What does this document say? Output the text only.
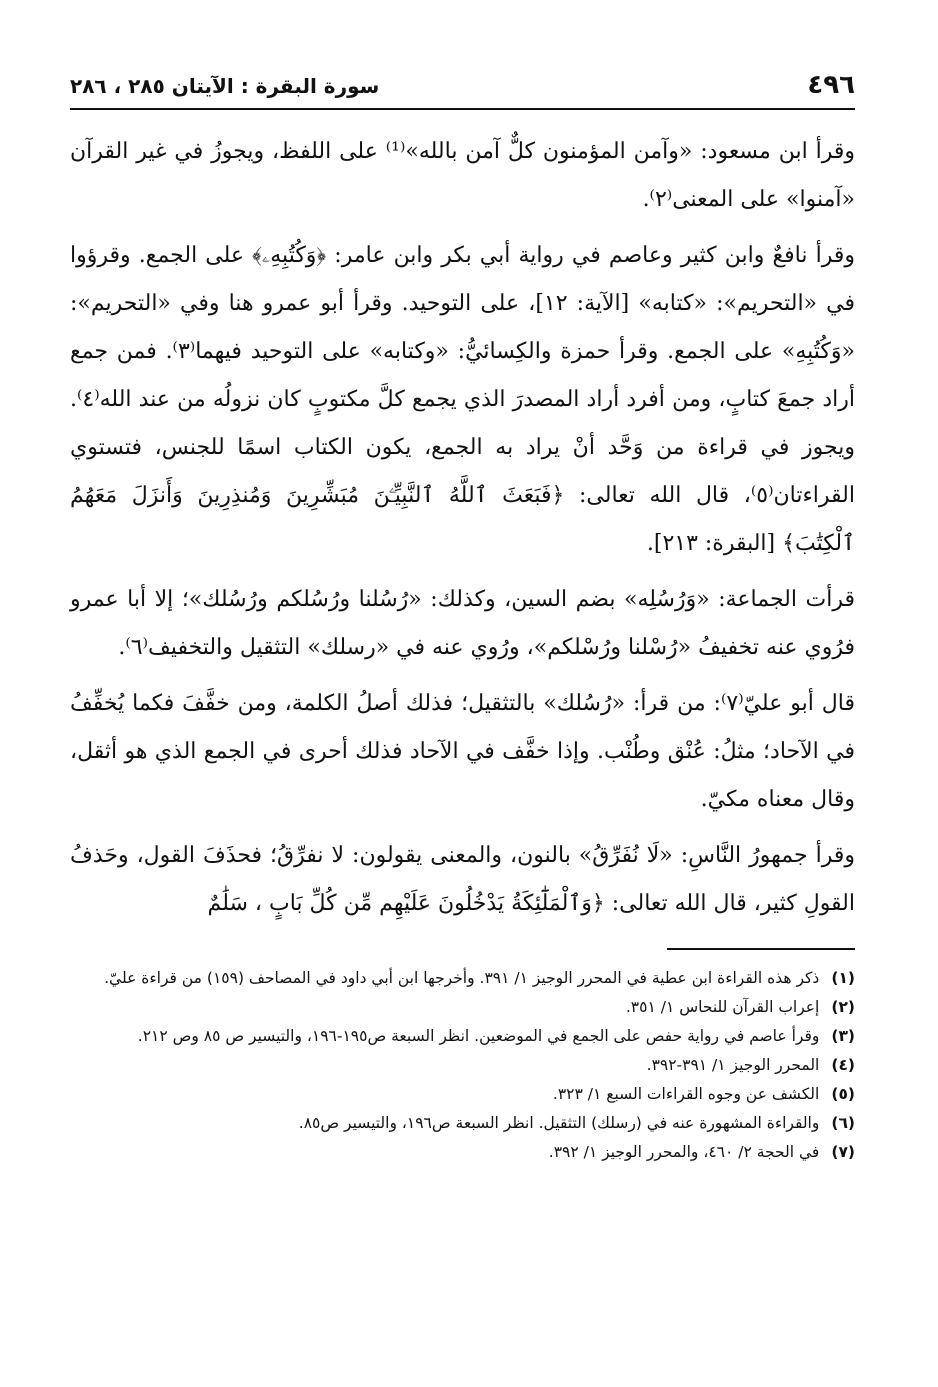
٤٩٦
سورة البقرة : الآيتان ٢٨٥ ، ٢٨٦

وقرأ ابن مسعود: «وآمن المؤمنون كلٌّ آمن بالله»⁽¹⁾ على اللفظ، ويجوزُ في غير القرآن «آمنوا» على المعنى⁽٢⁾.

وقرأ نافعٌ وابن كثير وعاصم في رواية أبي بكر وابن عامر: ﴿وَكُتُبِهِۦ﴾ على الجمع. وقرؤوا في «التحريم»: «كتابه» [الآية: ١٢]، على التوحيد. وقرأ أبو عمرو هنا وفي «التحريم»: «وَكُتُبِهِ» على الجمع. وقرأ حمزة والكِسائيُّ: «وكتابه» على التوحيد فيهما⁽٣⁾. فمن جمع أراد جمعَ كتابٍ، ومن أفرد أراد المصدرَ الذي يجمع كلَّ مكتوبٍ كان نزولُه من عند الله⁽٤⁾. ويجوز في قراءة من وَحَّد أنْ يراد به الجمع، يكون الكتاب اسمًا للجنس، فتستوي القراءتان⁽٥⁾، قال الله تعالى: ﴿فَبَعَثَ ٱللَّهُ ٱلنَّبِيِّـۧنَ مُبَشِّرِينَ وَمُنذِرِينَ وَأَنزَلَ مَعَهُمُ ٱلْكِتَٰبَ﴾ [البقرة: ٢١٣].

قرأت الجماعة: «وَرُسُلِه» بضم السين، وكذلك: «رُسُلنا ورُسُلكم ورُسُلك»؛ إلا أبا عمرو فرُوي عنه تخفيفُ «رُسْلنا ورُسْلكم»، ورُوي عنه في «رسلك» التثقيل والتخفيف⁽٦⁾.

قال أبو عليّ⁽٧⁾: من قرأ: «رُسُلك» بالتثقيل؛ فذلك أصلُ الكلمة، ومن خفَّفَ فكما يُخفِّفُ في الآحاد؛ مثلُ: عُنْق وطُنْب. وإذا خفَّف في الآحاد فذلك أحرى في الجمع الذي هو أثقل، وقال معناه مكيّ.

وقرأ جمهورُ النَّاسِ: «لَا نُفَرِّقُ» بالنون، والمعنى يقولون: لا نفرِّقُ؛ فحذَفَ القول، وحَذفُ القولِ كثير، قال الله تعالى: ﴿وَٱلْمَلَٰٓئِكَةُ يَدْخُلُونَ عَلَيْهِم مِّن كُلِّ بَابٍ ، سَلَٰمٌ

(١)
ذكر هذه القراءة ابن عطية في المحرر الوجيز ١/ ٣٩١. وأخرجها ابن أبي داود في المصاحف (١٥٩) من قراءة عليّ.

(٢)
إعراب القرآن للنحاس ١/ ٣٥١.

(٣)
وقرأ عاصم في رواية حفص على الجمع في الموضعين. انظر السبعة ص١٩٥-١٩٦، والتيسير ص ٨٥ وص ٢١٢.

(٤)
المحرر الوجيز ١/ ٣٩١-٣٩٢.

(٥)
الكشف عن وجوه القراءات السبع ١/ ٣٢٣.

(٦)
والقراءة المشهورة عنه في (رسلك) التثقيل. انظر السبعة ص١٩٦، والتيسير ص٨٥.

(٧)
في الحجة ٢/ ٤٦٠، والمحرر الوجيز ١/ ٣٩٢.
